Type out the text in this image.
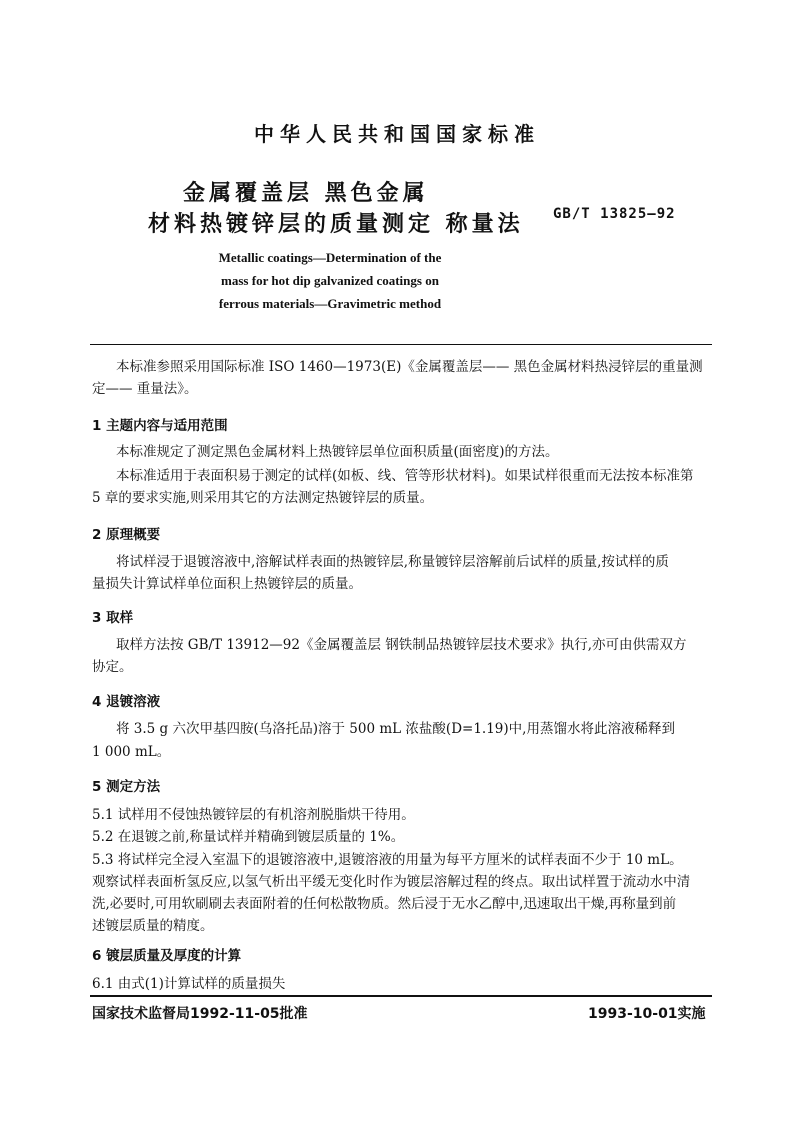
中华人民共和国国家标准
金属覆盖层 黑色金属
材料热镀锌层的质量测定 称量法 GB/T 13825—92
Metallic coatings—Determination of the
mass for hot dip galvanized coatings on
ferrous materials—Gravimetric method
本标准参照采用国际标准 ISO 1460—1973(E)《金属覆盖层—— 黑色金属材料热浸锌层的重量测
定—— 重量法》。
1 主题内容与适用范围
本标准规定了测定黑色金属材料上热镀锌层单位面积质量(面密度)的方法。
本标准适用于表面积易于测定的试样(如板、线、管等形状材料)。如果试样很重而无法按本标准第
5 章的要求实施,则采用其它的方法测定热镀锌层的质量。
2 原理概要
将试样浸于退镀溶液中,溶解试样表面的热镀锌层,称量镀锌层溶解前后试样的质量,按试样的质
量损失计算试样单位面积上热镀锌层的质量。
3 取样
取样方法按 GB/T 13912—92《金属覆盖层 钢铁制品热镀锌层技术要求》执行,亦可由供需双方
协定。
4 退镀溶液
将 3.5 g 六次甲基四胺(乌洛托品)溶于 500 mL 浓盐酸(D=1.19)中,用蒸馏水将此溶液稀释到
1 000 mL。
5 测定方法
5.1 试样用不侵蚀热镀锌层的有机溶剂脱脂烘干待用。
5.2 在退镀之前,称量试样并精确到镀层质量的 1%。
5.3 将试样完全浸入室温下的退镀溶液中,退镀溶液的用量为每平方厘米的试样表面不少于 10 mL。
观察试样表面析氢反应,以氢气析出平缓无变化时作为镀层溶解过程的终点。取出试样置于流动水中清
洗,必要时,可用软刷刷去表面附着的任何松散物质。然后浸于无水乙醇中,迅速取出干燥,再称量到前
述镀层质量的精度。
6 镀层质量及厚度的计算
6.1 由式(1)计算试样的质量损失
国家技术监督局1992-11-05批准	1993-10-01实施
